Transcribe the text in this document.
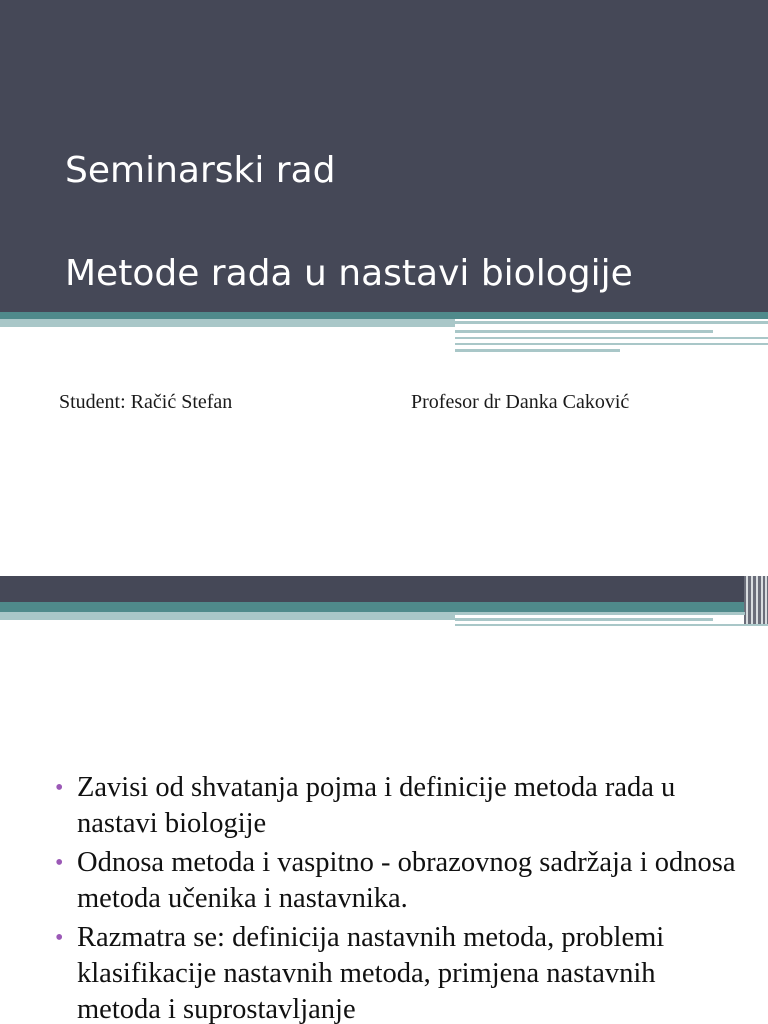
Seminarski rad
Metode rada u nastavi biologije
Student: Račić Stefan	Profesor dr Danka Caković
• Zavisi od shvatanja pojma i definicije metoda rada u nastavi biologije
• Odnosa metoda i vaspitno - obrazovnog sadržaja i odnosa metoda učenika i nastavnika.
• Razmatra se: definicija nastavnih metoda, problemi klasifikacije nastavnih metoda, primjena nastavnih metoda i suprostavljanje
